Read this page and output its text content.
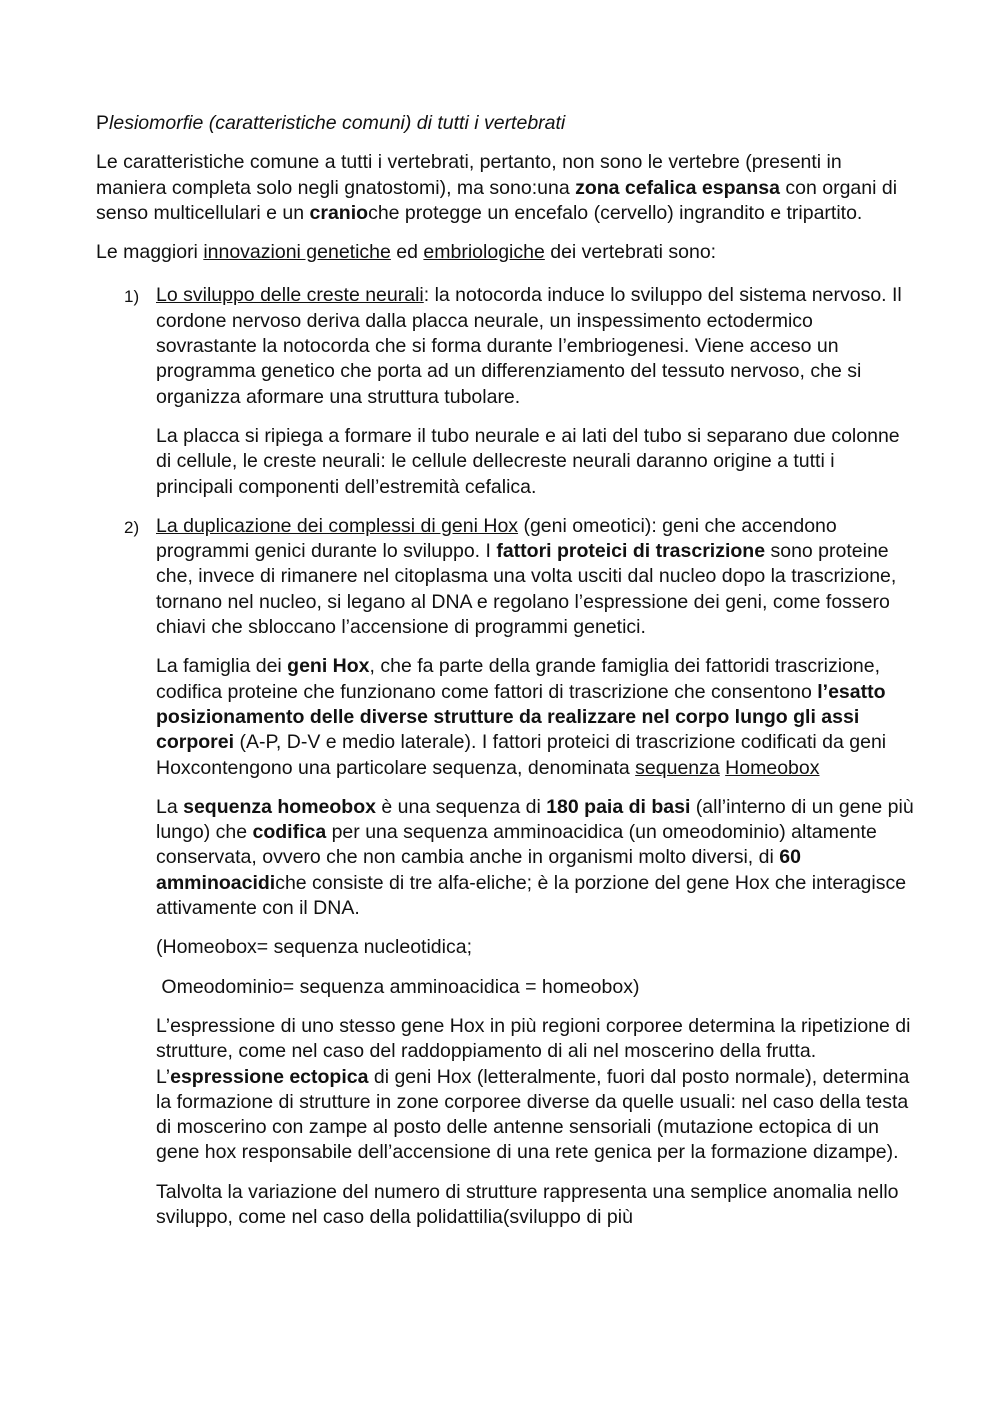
Plesiomorfie (caratteristiche comuni) di tutti i vertebrati

Le caratteristiche comune a tutti i vertebrati, pertanto, non sono le vertebre (presenti in maniera completa solo negli gnatostomi), ma sono:una zona cefalica espansa con organi di senso multicellulari e un cranioche protegge un encefalo (cervello) ingrandito e tripartito.

Le maggiori innovazioni genetiche ed embriologiche dei vertebrati sono:

1) Lo sviluppo delle creste neurali: la notocorda induce lo sviluppo del sistema nervoso. Il cordone nervoso deriva dalla placca neurale, un inspessimento ectodermico sovrastante la notocorda che si forma durante l’embriogenesi. Viene acceso un programma genetico che porta ad un differenziamento del tessuto nervoso, che si organizza aformare una struttura tubolare.

La placca si ripiega a formare il tubo neurale e ai lati del tubo si separano due colonne di cellule, le creste neurali: le cellule dellecreste neurali daranno origine a tutti i principali componenti dell’estremità cefalica.

2) La duplicazione dei complessi di geni Hox (geni omeotici): geni che accendono programmi genici durante lo sviluppo. I fattori proteici di trascrizione sono proteine che, invece di rimanere nel citoplasma una volta usciti dal nucleo dopo la trascrizione, tornano nel nucleo, si legano al DNA e regolano l’espressione dei geni, come fossero chiavi che sbloccano l’accensione di programmi genetici.

La famiglia dei geni Hox, che fa parte della grande famiglia dei fattoridi trascrizione, codifica proteine che funzionano come fattori di trascrizione che consentono l’esatto posizionamento delle diverse strutture da realizzare nel corpo lungo gli assi corporei (A-P, D-V e medio laterale). I fattori proteici di trascrizione codificati da geni Hoxcontengono una particolare sequenza, denominata sequenza Homeobox

La sequenza homeobox è una sequenza di 180 paia di basi (all’interno di un gene più lungo) che codifica per una sequenza amminoacidica (un omeodominio) altamente conservata, ovvero che non cambia anche in organismi molto diversi, di 60 amminoacidiche consiste di tre alfa-eliche; è la porzione del gene Hox che interagisce attivamente con il DNA.

(Homeobox= sequenza nucleotidica;

Omeodominio= sequenza amminoacidica = homeobox)

L’espressione di uno stesso gene Hox in più regioni corporee determina la ripetizione di strutture, come nel caso del raddoppiamento di ali nel moscerino della frutta. L’espressione ectopica di geni Hox (letteralmente, fuori dal posto normale), determina la formazione di strutture in zone corporee diverse da quelle usuali: nel caso della testa di moscerino con zampe al posto delle antenne sensoriali (mutazione ectopica di un gene hox responsabile dell’accensione di una rete genica per la formazione dizampe).

Talvolta la variazione del numero di strutture rappresenta una semplice anomalia nello sviluppo, come nel caso della polidattilia(sviluppo di più
